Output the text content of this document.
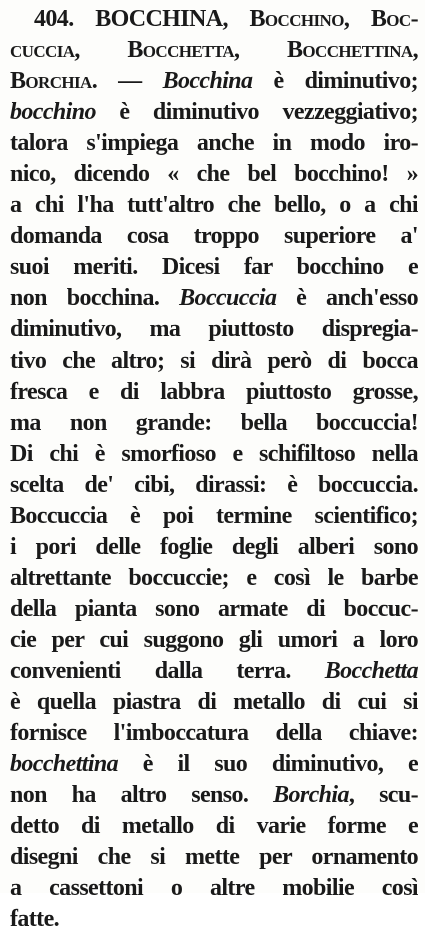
404. BOCCHINA, Bocchino, Boc-
cuccia, Bocchetta, Bocchettina,
Borchia. — Bocchina è diminutivo;
bocchino è diminutivo vezzeggiativo;
talora s'impiega anche in modo iro-
nico, dicendo « che bel bocchino! »
a chi l'ha tutt'altro che bello, o a chi
domanda cosa troppo superiore a'
suoi meriti. Dicesi far bocchino e
non bocchina. Boccuccia è anch'esso
diminutivo, ma piuttosto dispregia-
tivo che altro; si dirà però di bocca
fresca e di labbra piuttosto grosse,
ma non grande: bella boccuccia!
Di chi è smorfioso e schifiltoso nella
scelta de' cibi, dirassi: è boccuccia.
Boccuccia è poi termine scientifico;
i pori delle foglie degli alberi sono
altrettante boccuccie; e così le barbe
della pianta sono armate di boccuc-
cie per cui suggono gli umori a loro
convenienti dalla terra. Bocchetta
è quella piastra di metallo di cui si
fornisce l'imboccatura della chiave:
bocchettina è il suo diminutivo, e
non ha altro senso. Borchia, scu-
detto di metallo di varie forme e
disegni che si mette per ornamento
a cassettoni o altre mobilie così
fatte.
